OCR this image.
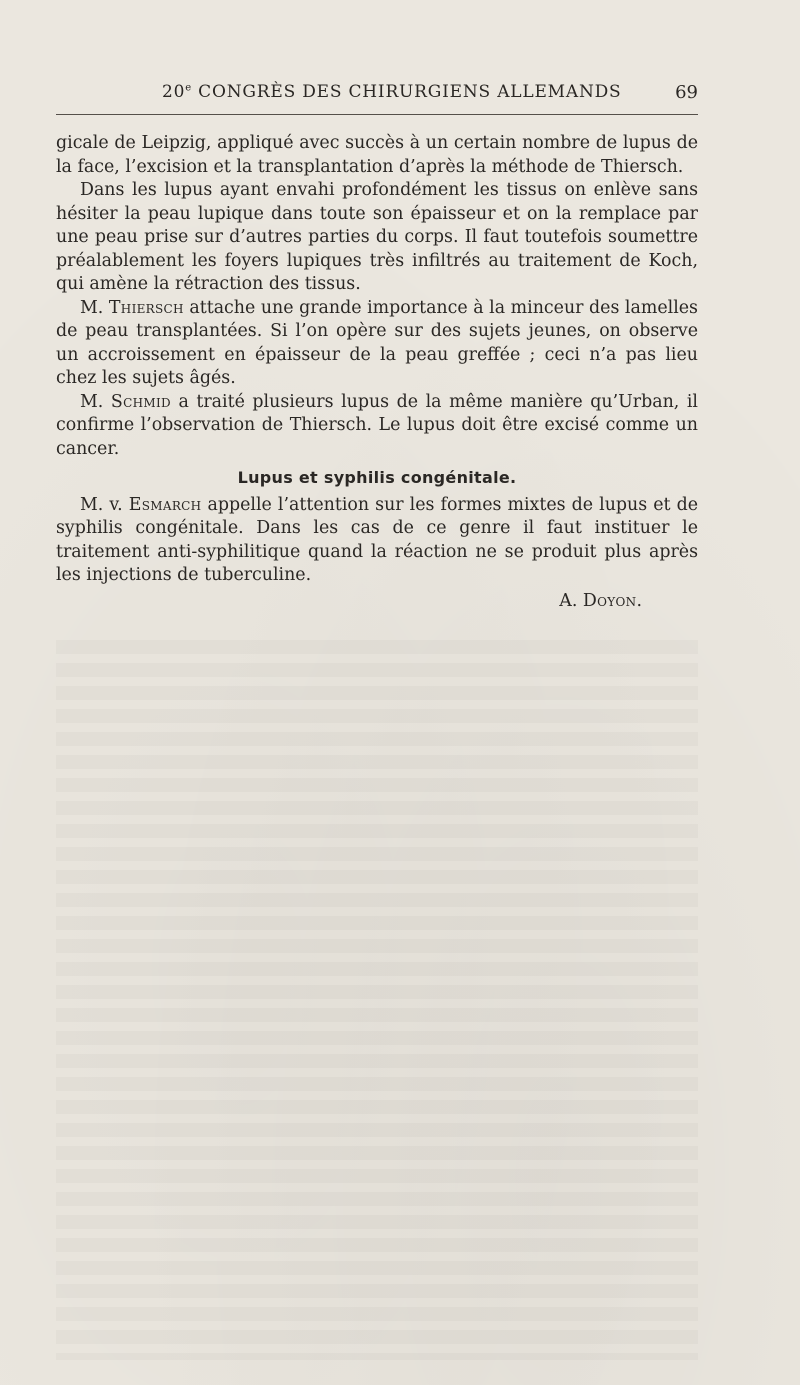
20e CONGRÈS DES CHIRURGIENS ALLEMANDS	69

gicale de Leipzig, appliqué avec succès à un certain nombre de lupus de la face, l’excision et la transplantation d’après la méthode de Thiersch.

Dans les lupus ayant envahi profondément les tissus on enlève sans hésiter la peau lupique dans toute son épaisseur et on la remplace par une peau prise sur d’autres parties du corps. Il faut toutefois soumettre préalablement les foyers lupiques très infiltrés au traitement de Koch, qui amène la rétraction des tissus.

M. Thiersch attache une grande importance à la minceur des lamelles de peau transplantées. Si l’on opère sur des sujets jeunes, on observe un accroissement en épaisseur de la peau greffée ; ceci n’a pas lieu chez les sujets âgés.

M. Schmid a traité plusieurs lupus de la même manière qu’Urban, il confirme l’observation de Thiersch. Le lupus doit être excisé comme un cancer.

Lupus et syphilis congénitale.

M. v. Esmarch appelle l’attention sur les formes mixtes de lupus et de syphilis congénitale. Dans les cas de ce genre il faut instituer le traitement anti-syphilitique quand la réaction ne se produit plus après les injections de tuberculine.

A. Doyon.
